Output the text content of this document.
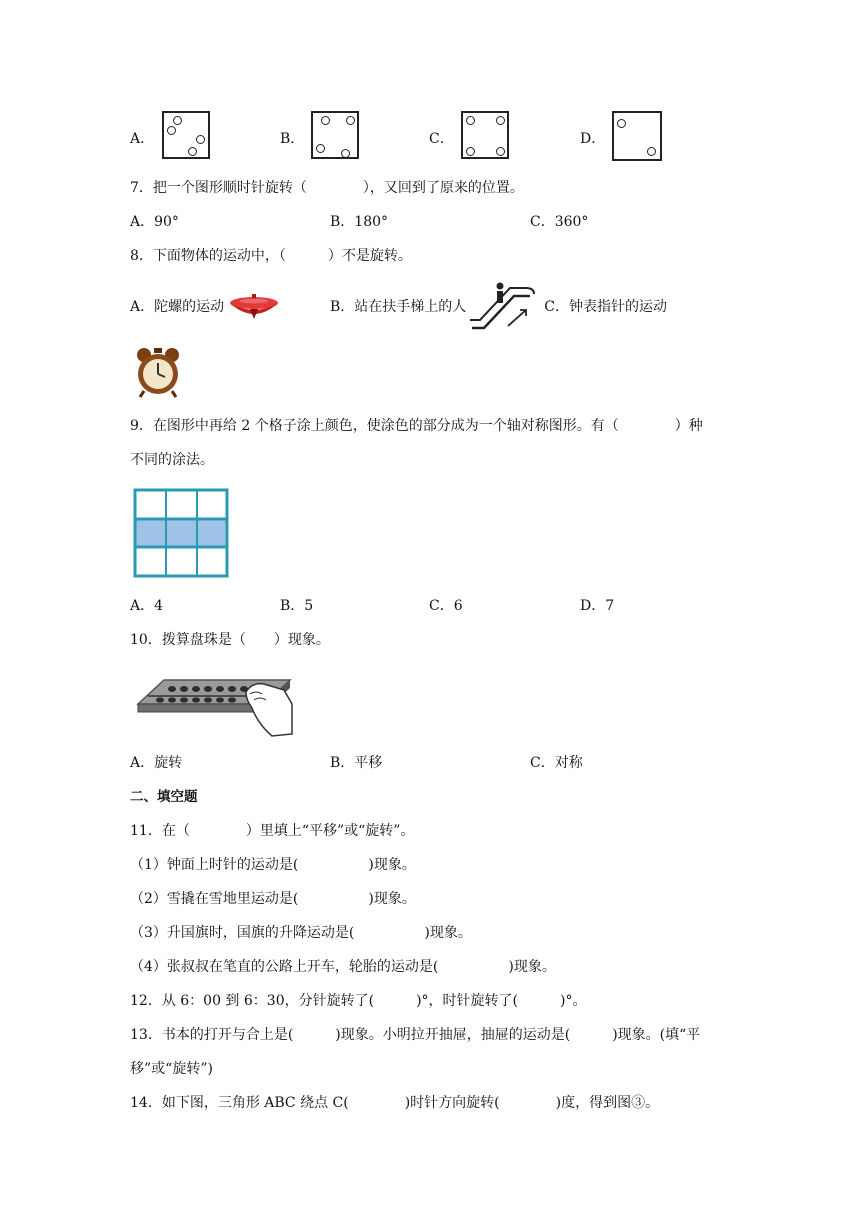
A．	B．	C．	D．
7．把一个图形顺时针旋转（　　　　），又回到了原来的位置。
A．90°	B．180°	C．360°
8．下面物体的运动中，（　　　）不是旋转。
A．陀螺的运动	B．站在扶手梯上的人	C．钟表指针的运动
9．在图形中再给 2 个格子涂上颜色，使涂色的部分成为一个轴对称图形。有（　　　　）种
不同的涂法。
A．4	B．5	C．6	D．7
10．拨算盘珠是（　　）现象。
A．旋转	B．平移	C．对称
二、填空题
11．在（　　　　）里填上“平移”或“旋转”。
（1）钟面上时针的运动是(　　　　　)现象。
（2）雪撬在雪地里运动是(　　　　　)现象。
（3）升国旗时，国旗的升降运动是(　　　　　)现象。
（4）张叔叔在笔直的公路上开车，轮胎的运动是(　　　　　)现象。
12．从 6：00 到 6：30，分针旋转了(　　　)°，时针旋转了(　　　)°。
13．书本的打开与合上是(　　　)现象。小明拉开抽屉，抽屉的运动是(　　　)现象。(填“平
移”或“旋转”)
14．如下图，三角形 ABC 绕点 C(　　　　)时针方向旋转(　　　　)度，得到图③。
